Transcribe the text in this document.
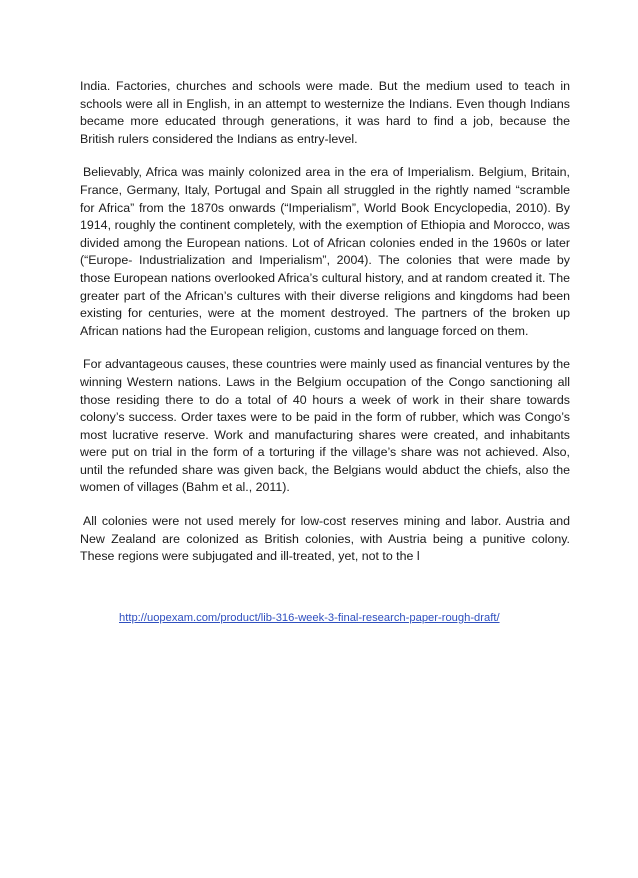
India. Factories, churches and schools were made. But the medium used to teach in schools were all in English, in an attempt to westernize the Indians. Even though Indians became more educated through generations, it was hard to find a job, because the British rulers considered the Indians as entry-level.

Believably, Africa was mainly colonized area in the era of Imperialism. Belgium, Britain, France, Germany, Italy, Portugal and Spain all struggled in the rightly named “scramble for Africa” from the 1870s onwards (“Imperialism”, World Book Encyclopedia, 2010). By 1914, roughly the continent completely, with the exemption of Ethiopia and Morocco, was divided among the European nations. Lot of African colonies ended in the 1960s or later (“Europe- Industrialization and Imperialism”, 2004). The colonies that were made by those European nations overlooked Africa’s cultural history, and at random created it. The greater part of the African’s cultures with their diverse religions and kingdoms had been existing for centuries, were at the moment destroyed. The partners of the broken up African nations had the European religion, customs and language forced on them.

For advantageous causes, these countries were mainly used as financial ventures by the winning Western nations. Laws in the Belgium occupation of the Congo sanctioning all those residing there to do a total of 40 hours a week of work in their share towards colony’s success. Order taxes were to be paid in the form of rubber, which was Congo’s most lucrative reserve. Work and manufacturing shares were created, and inhabitants were put on trial in the form of a torturing if the village’s share was not achieved. Also, until the refunded share was given back, the Belgians would abduct the chiefs, also the women of villages (Bahm et al., 2011).

All colonies were not used merely for low-cost reserves mining and labor. Austria and New Zealand are colonized as British colonies, with Austria being a punitive colony. These regions were subjugated and ill-treated, yet, not to the l

http://uopexam.com/product/lib-316-week-3-final-research-paper-rough-draft/
